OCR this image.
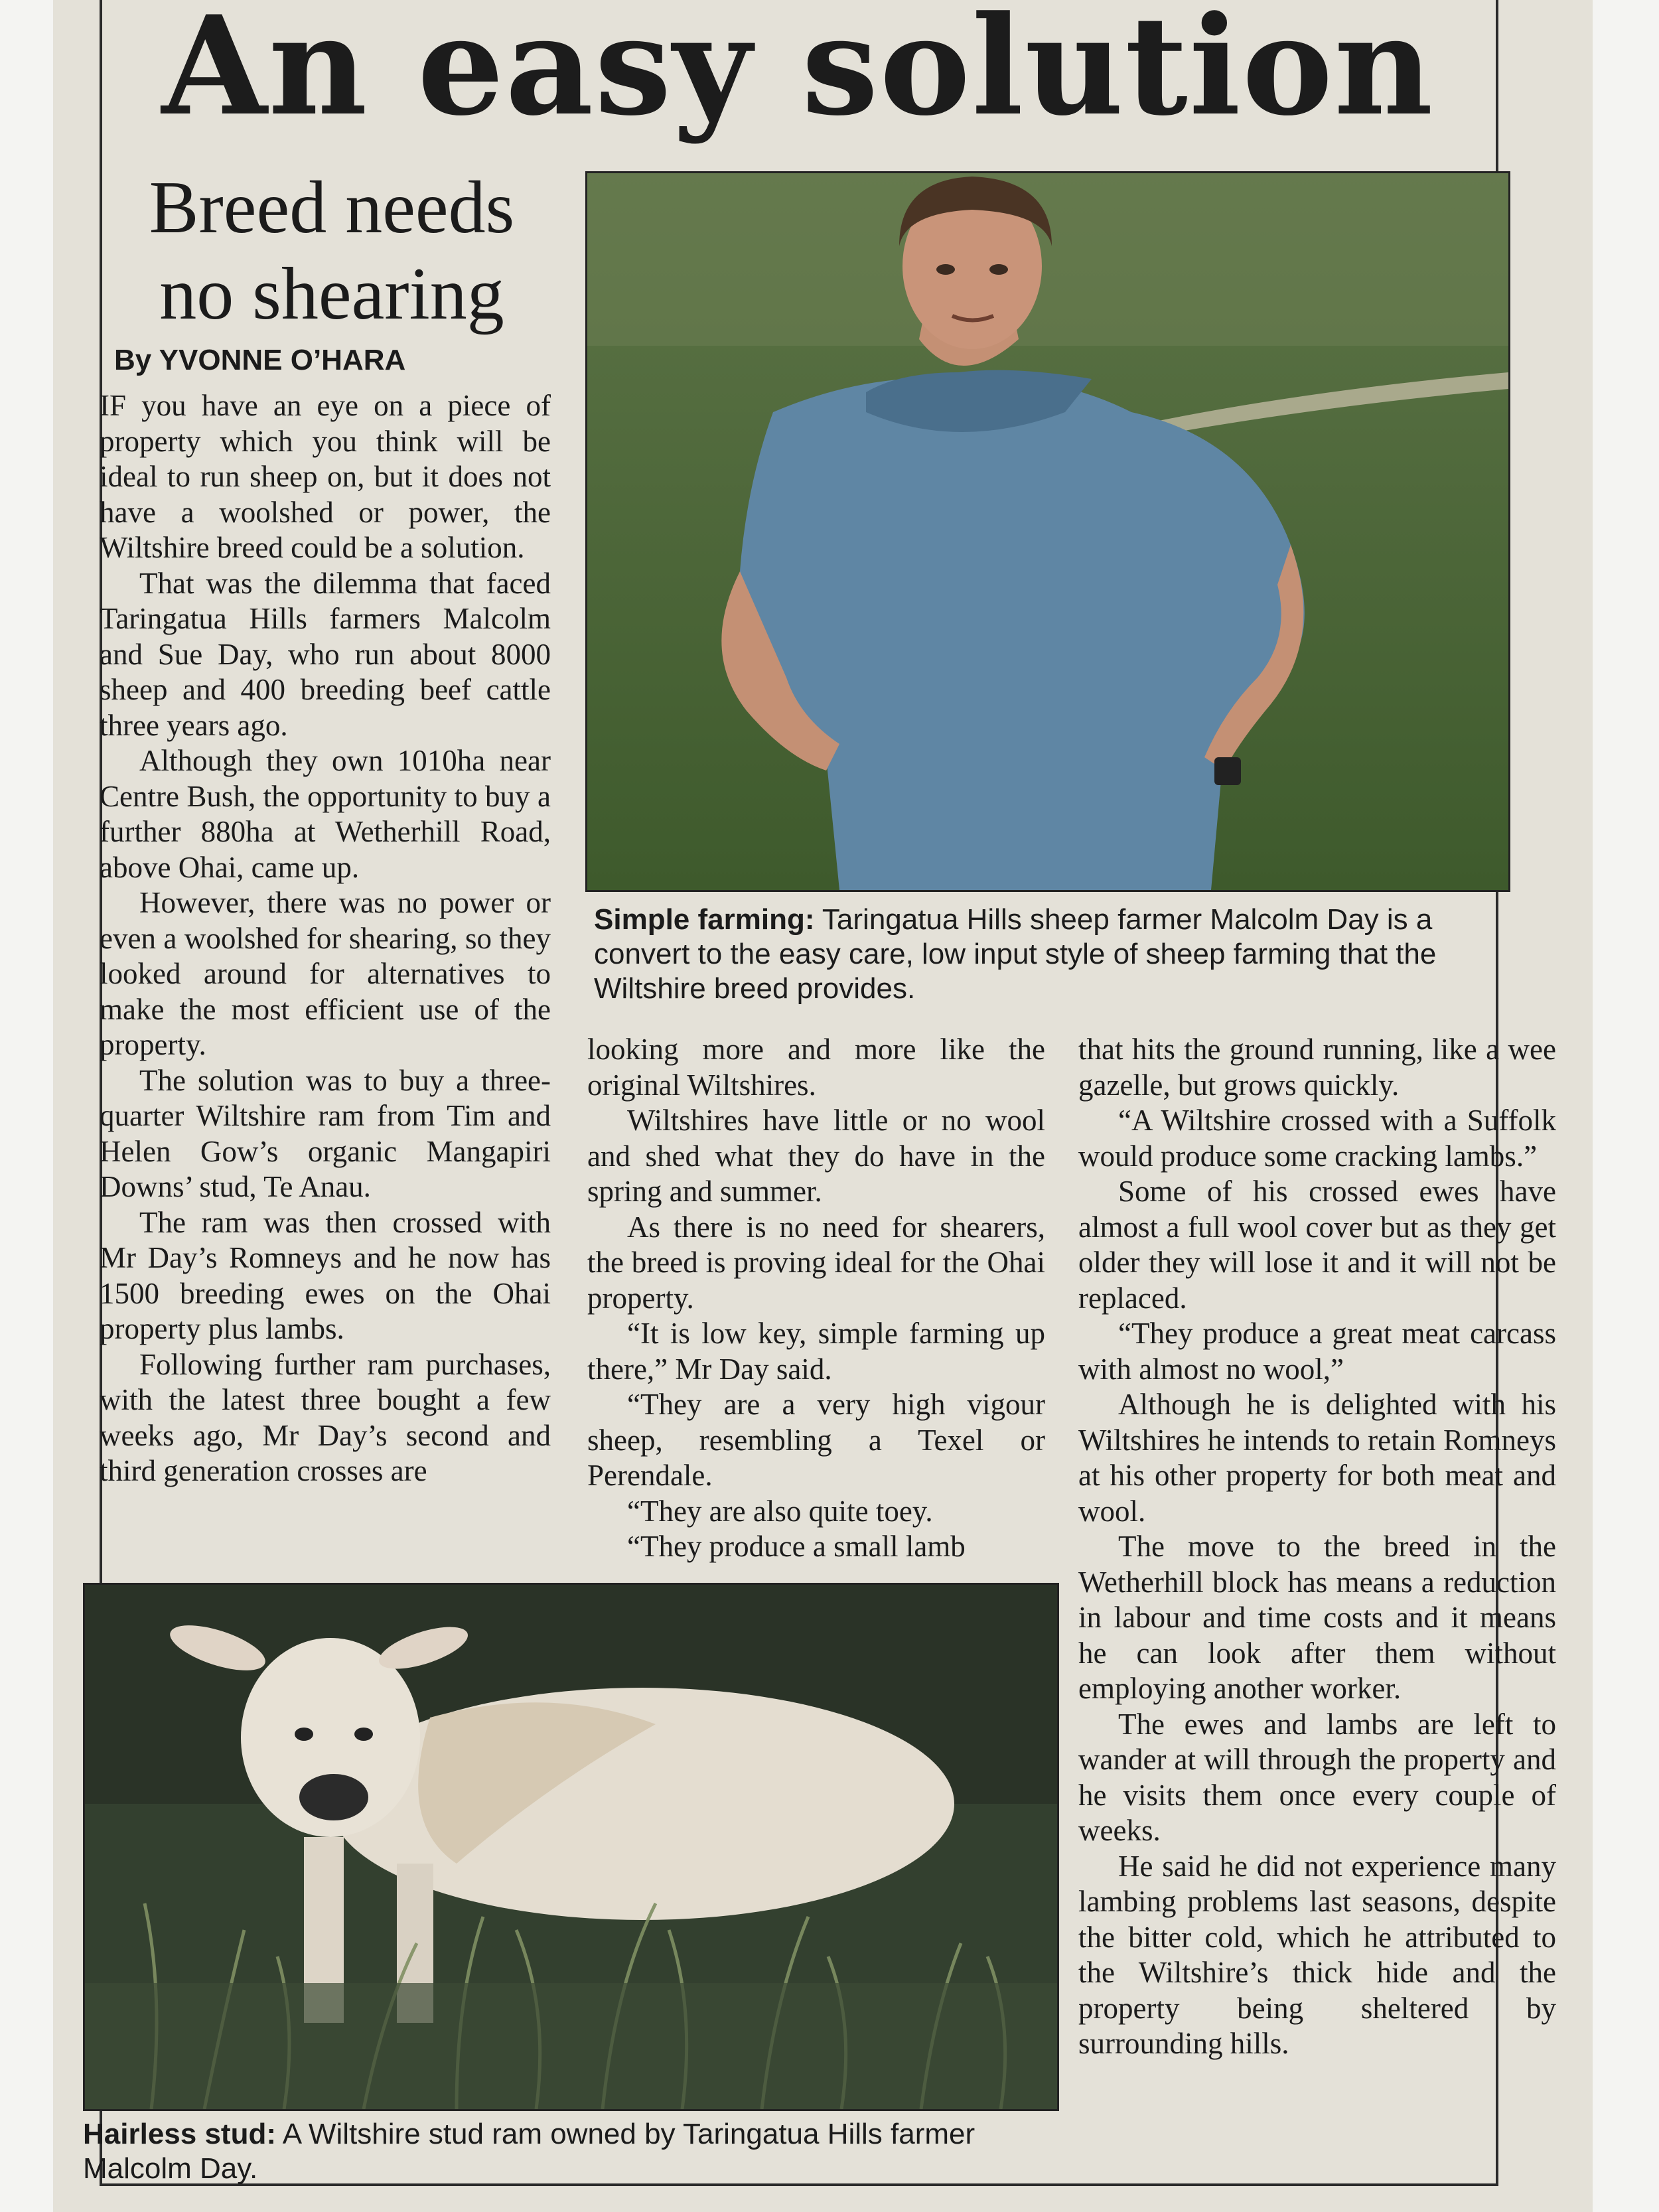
An easy solution
Breed needs no shearing

By YVONNE O’HARA

IF you have an eye on a piece of property which you think will be ideal to run sheep on, but it does not have a woolshed or power, the Wiltshire breed could be a solution.

That was the dilemma that faced Taringatua Hills farmers Malcolm and Sue Day, who run about 8000 sheep and 400 breeding beef cattle three years ago.

Although they own 1010ha near Centre Bush, the opportunity to buy a further 880ha at Wetherhill Road, above Ohai, came up.

However, there was no power or even a woolshed for shearing, so they looked around for alternatives to make the most efficient use of the property.

The solution was to buy a three-quarter Wiltshire ram from Tim and Helen Gow’s organic Mangapiri Downs’ stud, Te Anau.

The ram was then crossed with Mr Day’s Romneys and he now has 1500 breeding ewes on the Ohai property plus lambs.

Following further ram purchases, with the latest three bought a few weeks ago, Mr Day’s second and third generation crosses are

Simple farming: Taringatua Hills sheep farmer Malcolm Day is a convert to the easy care, low input style of sheep farming that the Wiltshire breed provides.

looking more and more like the original Wiltshires.

Wiltshires have little or no wool and shed what they do have in the spring and summer.

As there is no need for shearers, the breed is proving ideal for the Ohai property.

“It is low key, simple farming up there,” Mr Day said.

“They are a very high vigour sheep, resembling a Texel or Perendale.

“They are also quite toey.

“They produce a small lamb

that hits the ground running, like a wee gazelle, but grows quickly.

“A Wiltshire crossed with a Suffolk would produce some cracking lambs.”

Some of his crossed ewes have almost a full wool cover but as they get older they will lose it and it will not be replaced.

“They produce a great meat carcass with almost no wool,”

Although he is delighted with his Wiltshires he intends to retain Romneys at his other property for both meat and wool.

The move to the breed in the Wetherhill block has means a reduction in labour and time costs and it means he can look after them without employing another worker.

The ewes and lambs are left to wander at will through the property and he visits them once every couple of weeks.

He said he did not experience many lambing problems last seasons, despite the bitter cold, which he attributed to the Wiltshire’s thick hide and the property being sheltered by surrounding hills.

Hairless stud: A Wiltshire stud ram owned by Taringatua Hills farmer Malcolm Day.
